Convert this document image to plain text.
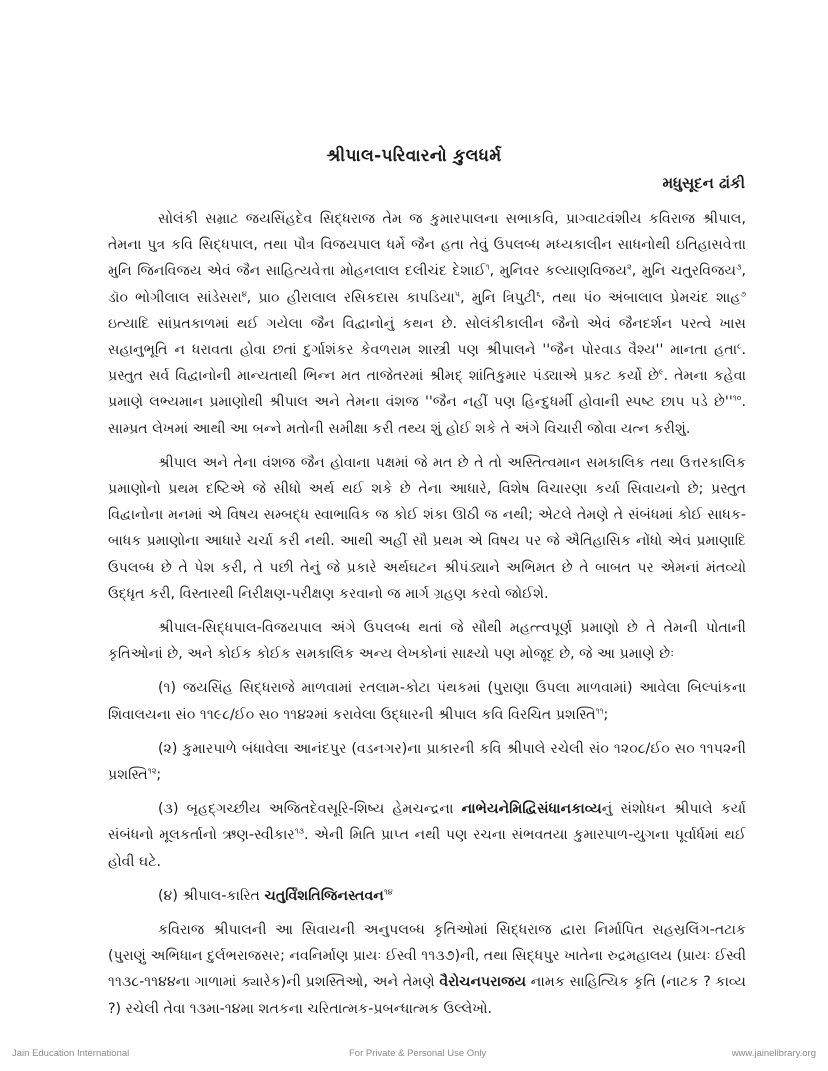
શ્રીપાલ-પરિવારનો કુલધર્મ
મધુસૂદન ઢાંકી

સોલંકી સમ્રાટ જયસિંહદેવ સિદ્ધરાજ તેમ જ કુમારપાલના સભાકવિ, પ્રાગ્વાટવંશીય કવિરાજ શ્રીપાલ, તેમના પુત્ર કવિ સિદ્ધપાલ, તથા પૌત્ર વિજયપાલ ધર્મે જૈન હતા તેવું ઉપલબ્ધ મધ્યકાલીન સાધનોથી ઇતિહાસવેત્તા મુનિ જિનવિજય એવં જૈન સાહિત્યવેત્તા મોહનલાલ દલીચંદ દેશાઈ$^૧$, મુનિવર કલ્યાણવિજય$^૨$, મુનિ ચતુરવિજય$^૩$, ડૉ૦ ભોગીલાલ સાંડેસરા$^૪$, પ્રા૦ હીરાલાલ રસિકદાસ કાપડિયા$^૫$, મુનિ ત્રિપુટી$^૬$, તથા પં૦ અંબાલાલ પ્રેમચંદ શાહ$^૭$ ઇત્યાદિ સાંપ્રતકાળમાં થઈ ગયેલા જૈન વિદ્વાનોનું કથન છે. સોલંકીકાલીન જૈનો એવં જૈનદર્શન પરત્વે ખાસ સહાનુભૂતિ ન ધરાવતા હોવા છતાં દુર્ગાશંકર કેવળરામ શાસ્ત્રી પણ શ્રીપાલને ''જૈન પોરવાડ વૈશ્ય'' માનતા હતા$^૮$. પ્રસ્તુત સર્વ વિદ્વાનોની માન્યતાથી ભિન્ન મત તાજેતરમાં શ્રીમદ્ શાંતિકુમાર પંડ્યાએ પ્રકટ કર્યો છે$^૯$. તેમના કહેવા પ્રમાણે લભ્યમાન પ્રમાણોથી શ્રીપાલ અને તેમના વંશજ ''જૈન નહીં પણ હિન્દુધર્મી હોવાની સ્પષ્ટ છાપ પડે $છે''^{૧૦}$. સામ્પ્રત લેખમાં આથી આ બન્ને મતોની સમીક્ષા કરી તથ્ય શું હોઈ શકે તે અંગે વિચારી જોવા યત્ન કરીશું.

શ્રીપાલ અને તેના વંશજ જૈન હોવાના પક્ષમાં જે મત છે તે તો અસ્તિત્વમાન સમકાલિક તથા ઉત્તરકાલિક પ્રમાણોનો પ્રથમ દષ્ટિએ જે સીધો અર્થ થઈ શકે છે તેના આધારે, વિશેષ વિચારણા કર્યા સિવાયનો છે; પ્રસ્તુત વિદ્વાનોના મનમાં એ વિષય સમ્બદ્ધ સ્વાભાવિક જ કોઈ શંકા ઊઠી જ નથી; એટલે તેમણે તે સંબંધમાં કોઈ સાધક-બાધક પ્રમાણોના આધારે ચર્ચા કરી નથી. આથી અહીં સૌ પ્રથમ એ વિષય પર જે ઐતિહાસિક નોંધો એવં પ્રમાણાદિ ઉપલબ્ધ છે તે પેશ કરી, તે પછી તેનું જે પ્રકારે અર્થઘટન શ્રીપંડ્યાને અભિમત છે તે બાબત પર એમનાં મંતવ્યો ઉદ્ધૃત કરી, વિસ્તારથી નિરીક્ષણ-પરીક્ષણ કરવાનો જ માર્ગ ગ્રહણ કરવો જોઈશે.

શ્રીપાલ-સિદ્ધપાલ-વિજયપાલ અંગે ઉપલબ્ધ થતાં જે સૌથી મહત્ત્વપૂર્ણ પ્રમાણો છે તે તેમની પોતાની કૃતિઓનાં છે, અને કોઈક કોઈક સમકાલિક અન્ય લેખકોનાં સાક્ષ્યો પણ મોજૂદ છે, જે આ પ્રમાણે છેઃ

(૧) જયસિંહ સિદ્ધરાજે માળવામાં રતલામ-કોટા પંથકમાં (પુરાણા ઉપલા માળવામાં) આવેલા બિલ્પાંકના શિવાલયના સં૦ ૧૧૯૮/ઈ૦ સ૦ ૧૧૪૨માં કરાવેલા ઉદ્ધારની શ્રીપાલ કવિ વિરચિત પ્રશસ્તિ$^{૧૧}$;

(૨) કુમારપાળે બંધાવેલા આનંદપુર (વડનગર)ના પ્રાકારની કવિ શ્રીપાલે રચેલી સં૦ ૧૨૦૮/ઈ૦ સ૦ ૧૧૫૨ની પ્રશસ્તિ$^{૧૨}$;

(૩) બૃહદ્ગચ્છીય અજિતદેવસૂરિ-શિષ્ય હેમચન્દ્રના નાભેયનેમિદ્વિસંધાનકાવ્યનું સંશોધન શ્રીપાલે કર્યા સંબંધનો મૂલકર્તાનો ઋણ-સ્વીકાર$^{૧૩}$. એની મિતિ પ્રાપ્ત નથી પણ રચના સંભવતયા કુમારપાળ-યુગના પૂર્વાર્ધમાં થઈ હોવી ઘટે.

(૪) શ્રીપાલ-કારિત ચતુર્વિંશતિજિનસ્તવન$^{૧૪}$

કવિરાજ શ્રીપાલની આ સિવાયની અનુપલબ્ધ કૃતિઓમાં સિદ્ધરાજ દ્વારા નિર્માપિત સહસ્રલિંગ-તટાક (પુરાણું અભિધાન દુર્લભરાજસર; નવનિર્માણ પ્રાયઃ ઈસ્વી ૧૧૩૭)ની, તથા સિદ્ધપુર ખાતેના રુદ્રમહાલય (પ્રાયઃ ઈસ્વી ૧૧૩૮-૧૧૪૪ના ગાળામાં ક્યારેક)ની પ્રશસ્તિઓ, અને તેમણે વૈરોચનપરાજય નામક સાહિત્યિક કૃતિ (નાટક ? કાવ્ય ?) રચેલી તેવા ૧૩મા-૧૪મા શતકના ચરિતાત્મક-પ્રબન્ધાત્મક ઉલ્લેખો.

Jain Education International	For Private & Personal Use Only	www.jainelibrary.org
